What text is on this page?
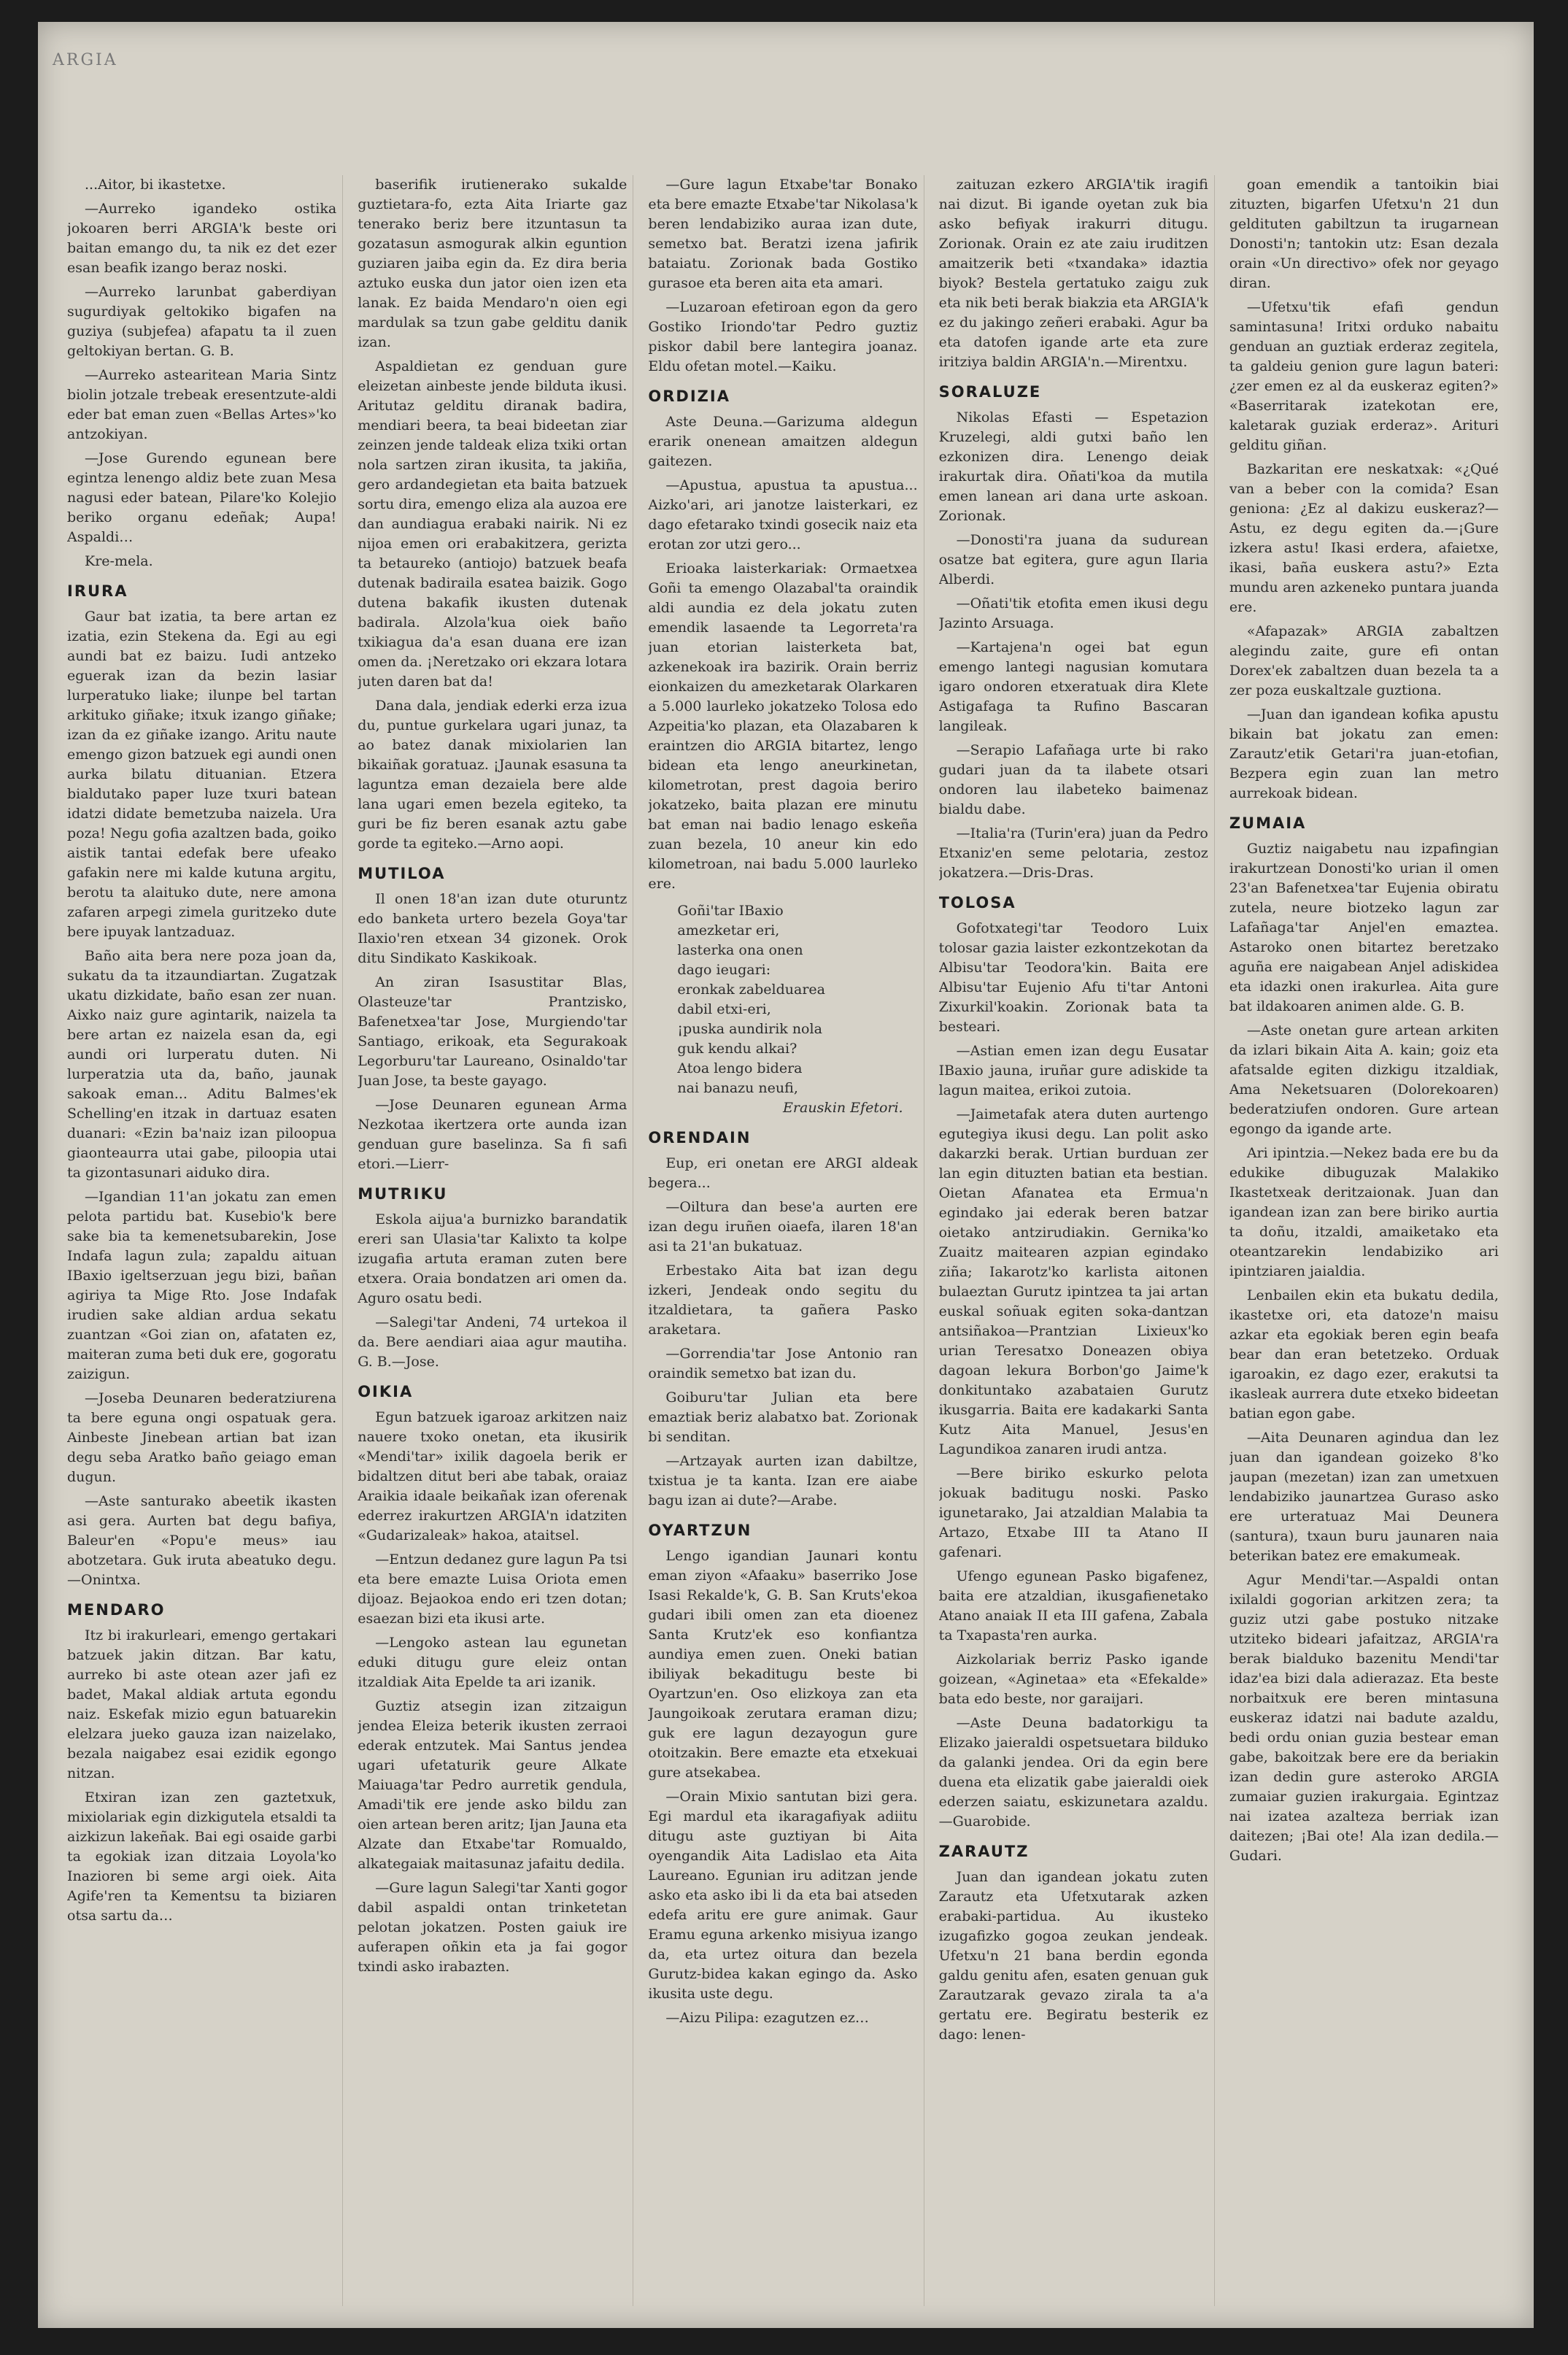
ARGIA

...Aitor, bi ikastetxe.

—Aurreko igandeko ostika jokoaren berri ARGIA'k beste ori baitan emango du, ta nik ez det ezer esan beafik izango beraz noski.

—Aurreko larunbat gaberdiyan sugurdiyak geltokiko bigafen na guziya (subjefea) afapatu ta il zuen geltokiyan bertan. G. B.

—Aurreko astearitean Maria Sintz biolin jotzale trebeak eresentzute-aldi eder bat eman zuen «Bellas Artes»'ko antzokiyan.

—Jose Gurendo egunean bere egintza lenengo aldiz bete zuan Mesa nagusi eder batean, Pilare'ko Kolejio beriko organu edeñak; Aupa! Aspaldi…

Kre-mela.

IRURA

Gaur bat izatia, ta bere artan ez izatia, ezin Stekena da. Egi au egi aundi bat ez baizu. Iudi antzeko eguerak izan da bezin lasiar lurperatuko liake; ilunpe bel tartan arkituko giñake; itxuk izango giñake; izan da ez giñake izango. Aritu naute emengo gizon batzuek egi aundi onen aurka bilatu dituanian. Etzera bialdutako paper luze txuri batean idatzi didate bemetzuba naizela. Ura poza! Negu gofia azaltzen bada, goiko aistik tantai edefak bere ufeako gafakin nere mi kalde kutuna argitu, berotu ta alaituko dute, nere amona zafaren arpegi zimela guritzeko dute bere ipuyak lantzaduaz.

Baño aita bera nere poza joan da, sukatu da ta itzaundiartan. Zugatzak ukatu dizkidate, baño esan zer nuan. Aixko naiz gure agintarik, naizela ta bere artan ez naizela esan da, egi aundi ori lurperatu duten. Ni lurperatzia uta da, baño, jaunak sakoak eman... Aditu Balmes'ek Schelling'en itzak in dartuaz esaten duanari: «Ezin ba'naiz izan piloopua giaonteaurra utai gabe, piloopia utai ta gizontasunari aiduko dira.

—Igandian 11'an jokatu zan emen pelota partidu bat. Kusebio'k bere sake bia ta kemenetsubarekin, Jose Indafa lagun zula; zapaldu aituan IBaxio igeltserzuan jegu bizi, bañan agiriya ta Mige Rto. Jose Indafak irudien sake aldian ardua sekatu zuantzan «Goi zian on, afataten ez, maiteran zuma beti duk ere, gogoratu zaizigun.

—Joseba Deunaren bederatziurena ta bere eguna ongi ospatuak gera. Ainbeste Jinebean artian bat izan degu seba Aratko baño geiago eman dugun.

—Aste santurako abeetik ikasten asi gera. Aurten bat degu bafiya, Baleur'en «Popu'e meus» iau abotzetara. Guk iruta abeatuko degu.—Onintxa.

MENDARO

Itz bi irakurleari, emengo gertakari batzuek jakin ditzan. Bar katu, aurreko bi aste otean azer jafi ez badet, Makal aldiak artuta egondu naiz. Eskefak mizio egun batuarekin elelzara jueko gauza izan naizelako, bezala naigabez esai ezidik egongo nitzan.

Etxiran izan zen gaztetxuk, mixiolariak egin dizkigutela etsaldi ta aizkizun lakeñak. Bai egi osaide garbi ta egokiak izan ditzaia Loyola'ko Inazioren bi seme argi oiek. Aita Agife'ren ta Kementsu ta biziaren otsa sartu da…

baserifik irutienerako sukalde guztietara-fo, ezta Aita Iriarte gaz tenerako beriz bere itzuntasun ta gozatasun asmogurak alkin eguntion guziaren jaiba egin da. Ez dira beria aztuko euska dun jator oien izen eta lanak. Ez baida Mendaro'n oien egi mardulak sa tzun gabe gelditu danik izan.

Aspaldietan ez genduan gure eleizetan ainbeste jende bilduta ikusi. Aritutaz gelditu diranak badira, mendiari beera, ta beai bideetan ziar zeinzen jende taldeak eliza txiki ortan nola sartzen ziran ikusita, ta jakiña, gero ardandegietan eta baita batzuek sortu dira, emengo eliza ala auzoa ere dan aundiagua erabaki nairik. Ni ez nijoa emen ori erabakitzera, gerizta ta betaureko (antiojo) batzuek beafa dutenak badiraila esatea baizik. Gogo dutena bakafik ikusten dutenak badirala. Alzola'kua oiek baño txikiagua da'a esan duana ere izan omen da. ¡Neretzako ori ekzara lotara juten daren bat da!

Dana dala, jendiak ederki erza izua du, puntue gurkelara ugari junaz, ta ao batez danak mixiolarien lan bikaiñak goratuaz. ¡Jaunak esasuna ta laguntza eman dezaiela bere alde lana ugari emen bezela egiteko, ta guri be fiz beren esanak aztu gabe gorde ta egiteko.—Arno aopi.

MUTILOA

Il onen 18'an izan dute oturuntz edo banketa urtero bezela Goya'tar Ilaxio'ren etxean 34 gizonek. Orok ditu Sindikato Kaskikoak.

An ziran Isasustitar Blas, Olasteuze'tar Prantzisko, Bafenetxea'tar Jose, Murgiendo'tar Santiago, erikoak, eta Segurakoak Legorburu'tar Laureano, Osinaldo'tar Juan Jose, ta beste gayago.

—Jose Deunaren egunean Arma Nezkotaa ikertzera orte aunda izan genduan gure baselinza. Sa fi safi etori.—Lierr-

MUTRIKU

Eskola aijua'a burnizko barandatik ereri san Ulasia'tar Kalixto ta kolpe izugafia artuta eraman zuten bere etxera. Oraia bondatzen ari omen da. Aguro osatu bedi.

—Salegi'tar Andeni, 74 urtekoa il da. Bere aendiari aiaa agur mautiha. G. B.—Jose.

OIKIA

Egun batzuek igaroaz arkitzen naiz nauere txoko onetan, eta ikusirik «Mendi'tar» ixilik dagoela berik er bidaltzen ditut beri abe tabak, oraiaz Araikia idaale beikañak izan oferenak ederrez irakurtzen ARGIA'n idatziten «Gudarizaleak» hakoa, ataitsel.

—Entzun dedanez gure lagun Pa tsi eta bere emazte Luisa Oriota emen dijoaz. Bejaokoa endo eri tzen dotan; esaezan bizi eta ikusi arte.

—Lengoko astean lau egunetan eduki ditugu gure eleiz ontan itzaldiak Aita Epelde ta ari izanik.

Guztiz atsegin izan zitzaigun jendea Eleiza beterik ikusten zerraoi ederak entzutek. Mai Santus jendea ugari ufetaturik geure Alkate Maiuaga'tar Pedro aurretik gendula, Amadi'tik ere jende asko bildu zan oien artean beren aritz; Ijan Jauna eta Alzate dan Etxabe'tar Romualdo, alkategaiak maitasunaz jafaitu dedila.

—Gure lagun Salegi'tar Xanti gogor dabil aspaldi ontan trinketetan pelotan jokatzen. Posten gaiuk ire auferapen oñkin eta ja fai gogor txindi asko irabazten.

—Gure lagun Etxabe'tar Bonako eta bere emazte Etxabe'tar Nikolasa'k beren lendabiziko auraa izan dute, semetxo bat. Beratzi izena jafirik bataiatu. Zorionak bada Gostiko gurasoe eta beren aita eta amari.

—Luzaroan efetiroan egon da gero Gostiko Iriondo'tar Pedro guztiz piskor dabil bere lantegira joanaz. Eldu ofetan motel.—Kaiku.

ORDIZIA

Aste Deuna.—Garizuma aldegun erarik onenean amaitzen aldegun gaitezen.

—Apustua, apustua ta apustua... Aizko'ari, ari janotze laisterkari, ez dago efetarako txindi gosecik naiz eta erotan zor utzi gero...

Erioaka laisterkariak: Ormaetxea Goñi ta emengo Olazabal'ta oraindik aldi aundia ez dela jokatu zuten emendik lasaende ta Legorreta'ra juan etorian laisterketa bat, azkenekoak ira bazirik. Orain berriz eionkaizen du amezketarak Olarkaren a 5.000 laurleko jokatzeko Tolosa edo Azpeitia'ko plazan, eta Olazabaren k eraintzen dio ARGIA bitartez, lengo bidean eta lengo aneurkinetan, kilometrotan, prest dagoia beriro jokatzeko, baita plazan ere minutu bat eman nai badio lenago eskeña zuan bezela, 10 aneur kin edo kilometroan, nai badu 5.000 laurleko ere.

Goñi'tar IBaxio
amezketar eri,
lasterka ona onen
dago ieugari:
eronkak zabelduarea
dabil etxi-eri,
¡puska aundirik nola
guk kendu alkai?
Atoa lengo bidera
nai banazu neufi,
Erauskin Efetori.
ORENDAIN

Eup, eri onetan ere ARGI aldeak begera...

—Oiltura dan bese'a aurten ere izan degu iruñen oiaefa, ilaren 18'an asi ta 21'an bukatuaz.

Erbestako Aita bat izan degu izkeri, Jendeak ondo segitu du itzaldietara, ta gañera Pasko araketara.

—Gorrendia'tar Jose Antonio ran oraindik semetxo bat izan du.

Goiburu'tar Julian eta bere emaztiak beriz alabatxo bat. Zorionak bi senditan.

—Artzayak aurten izan dabiltze, txistua je ta kanta. Izan ere aiabe bagu izan ai dute?—Arabe.

OYARTZUN

Lengo igandian Jaunari kontu eman ziyon «Afaaku» baserriko Jose Isasi Rekalde'k, G. B. San Kruts'ekoa gudari ibili omen zan eta dioenez Santa Krutz'ek eso konfiantza aundiya emen zuen. Oneki batian ibiliyak bekaditugu beste bi Oyartzun'en. Oso elizkoya zan eta Jaungoikoak zerutara eraman dizu; guk ere lagun dezayogun gure otoitzakin. Bere emazte eta etxekuai gure atsekabea.

—Orain Mixio santutan bizi gera. Egi mardul eta ikaragafiyak adiitu ditugu aste guztiyan bi Aita oyengandik Aita Ladislao eta Aita Laureano. Egunian iru aditzan jende asko eta asko ibi li da eta bai atseden edefa aritu ere gure animak. Gaur Eramu eguna arkenko misiyua izango da, eta urtez oitura dan bezela Gurutz-bidea kakan egingo da. Asko ikusita uste degu.

—Aizu Pilipa: ezagutzen ez…

zaituzan ezkero ARGIA'tik iragifi nai dizut. Bi igande oyetan zuk bia asko befiyak irakurri ditugu. Zorionak. Orain ez ate zaiu iruditzen amaitzerik beti «txandaka» idaztia biyok? Bestela gertatuko zaigu zuk eta nik beti berak biakzia eta ARGIA'k ez du jakingo zeñeri erabaki. Agur ba eta datofen igande arte eta zure iritziya baldin ARGIA'n.—Mirentxu.

SORALUZE

Nikolas Efasti — Espetazion Kruzelegi, aldi gutxi baño len ezkonizen dira. Lenengo deiak irakurtak dira. Oñati'koa da mutila emen lanean ari dana urte askoan. Zorionak.

—Donosti'ra juana da sudurean osatze bat egitera, gure agun Ilaria Alberdi.

—Oñati'tik etofita emen ikusi degu Jazinto Arsuaga.

—Kartajena'n ogei bat egun emengo lantegi nagusian komutara igaro ondoren etxeratuak dira Klete Astigafaga ta Rufino Bascaran langileak.

—Serapio Lafañaga urte bi rako gudari juan da ta ilabete otsari ondoren lau ilabeteko baimenaz bialdu dabe.

—Italia'ra (Turin'era) juan da Pedro Etxaniz'en seme pelotaria, zestoz jokatzera.—Dris-Dras.

TOLOSA

Gofotxategi'tar Teodoro Luix tolosar gazia laister ezkontzekotan da Albisu'tar Teodora'kin. Baita ere Albisu'tar Eujenio Afu ti'tar Antoni Zixurkil'koakin. Zorionak bata ta besteari.

—Astian emen izan degu Eusatar IBaxio jauna, iruñar gure adiskide ta lagun maitea, erikoi zutoia.

—Jaimetafak atera duten aurtengo egutegiya ikusi degu. Lan polit asko dakarzki berak. Urtian burduan zer lan egin dituzten batian eta bestian. Oietan Afanatea eta Ermua'n egindako jai ederak beren batzar oietako antzirudiakin. Gernika'ko Zuaitz maitearen azpian egindako ziña; Iakarotz'ko karlista aitonen bulaeztan Gurutz ipintzea ta jai artan euskal soñuak egiten soka-dantzan antsiñakoa—Prantzian Lixieux'ko urian Teresatxo Doneazen obiya dagoan lekura Borbon'go Jaime'k donkituntako azabataien Gurutz ikusgarria. Baita ere kadakarki Santa Kutz Aita Manuel, Jesus'en Lagundikoa zanaren irudi antza.

—Bere biriko eskurko pelota jokuak baditugu noski. Pasko igunetarako, Jai atzaldian Malabia ta Artazo, Etxabe III ta Atano II gafenari.

Ufengo egunean Pasko bigafenez, baita ere atzaldian, ikusgafienetako Atano anaiak II eta III gafena, Zabala ta Txapasta'ren aurka.

Aizkolariak berriz Pasko igande goizean, «Aginetaa» eta «Efekalde» bata edo beste, nor garaijari.

—Aste Deuna badatorkigu ta Elizako jaieraldi ospetsuetara bilduko da galanki jendea. Ori da egin bere duena eta elizatik gabe jaieraldi oiek ederzen saiatu, eskizunetara azaldu.—Guarobide.

ZARAUTZ

Juan dan igandean jokatu zuten Zarautz eta Ufetxutarak azken erabaki-partidua. Au ikusteko izugafizko gogoa zeukan jendeak. Ufetxu'n 21 bana berdin egonda galdu genitu afen, esaten genuan guk Zarautzarak gevazo zirala ta a'a gertatu ere. Begiratu besterik ez dago: lenen-

goan emendik a tantoikin biai zituzten, bigarfen Ufetxu'n 21 dun geldituten gabiltzun ta irugarnean Donosti'n; tantokin utz: Esan dezala orain «Un directivo» ofek nor geyago diran.

—Ufetxu'tik efafi gendun samintasuna! Iritxi orduko nabaitu genduan an guztiak erderaz zegitela, ta galdeiu genion gure lagun bateri: ¿zer emen ez al da euskeraz egiten?» «Baserritarak izatekotan ere, kaletarak guziak erderaz». Arituri gelditu giñan.

Bazkaritan ere neskatxak: «¿Qué van a beber con la comida? Esan geniona: ¿Ez al dakizu euskeraz?—Astu, ez degu egiten da.—¡Gure izkera astu! Ikasi erdera, afaietxe, ikasi, baña euskera astu?» Ezta mundu aren azkeneko puntara juanda ere.

«Afapazak» ARGIA zabaltzen alegindu zaite, gure efi ontan Dorex'ek zabaltzen duan bezela ta a zer poza euskaltzale guztiona.

—Juan dan igandean kofika apustu bikain bat jokatu zan emen: Zarautz'etik Getari'ra juan-etofian, Bezpera egin zuan lan metro aurrekoak bidean.

ZUMAIA

Guztiz naigabetu nau izpafingian irakurtzean Donosti'ko urian il omen 23'an Bafenetxea'tar Eujenia obiratu zutela, neure biotzeko lagun zar Lafañaga'tar Anjel'en emaztea. Astaroko onen bitartez beretzako aguña ere naigabean Anjel adiskidea eta idazki onen irakurlea. Aita gure bat ildakoaren animen alde. G. B.

—Aste onetan gure artean arkiten da izlari bikain Aita A. kain; goiz eta afatsalde egiten dizkigu itzaldiak, Ama Neketsuaren (Dolorekoaren) bederatziufen ondoren. Gure artean egongo da igande arte.

Ari ipintzia.—Nekez bada ere bu da edukike dibuguzak Malakiko Ikastetxeak deritzaionak. Juan dan igandean izan zan bere biriko aurtia ta doñu, itzaldi, amaiketako eta oteantzarekin lendabiziko ari ipintziaren jaialdia.

Lenbailen ekin eta bukatu dedila, ikastetxe ori, eta datoze'n maisu azkar eta egokiak beren egin beafa bear dan eran betetzeko. Orduak igaroakin, ez dago ezer, erakutsi ta ikasleak aurrera dute etxeko bideetan batian egon gabe.

—Aita Deunaren agindua dan lez juan dan igandean goizeko 8'ko jaupan (mezetan) izan zan umetxuen lendabiziko jaunartzea Guraso asko ere urteratuaz Mai Deunera (santura), txaun buru jaunaren naia beterikan batez ere emakumeak.

Agur Mendi'tar.—Aspaldi ontan ixilaldi gogorian arkitzen zera; ta guziz utzi gabe postuko nitzake utziteko bideari jafaitzaz, ARGIA'ra berak bialduko bazenitu Mendi'tar idaz'ea bizi dala adierazaz. Eta beste norbaitxuk ere beren mintasuna euskeraz idatzi nai badute azaldu, bedi ordu onian guzia bestear eman gabe, bakoitzak bere ere da beriakin izan dedin gure asteroko ARGIA zumaiar guzien irakurgaia. Egintzaz nai izatea azalteza berriak izan daitezen; ¡Bai ote! Ala izan dedila.—Gudari.
